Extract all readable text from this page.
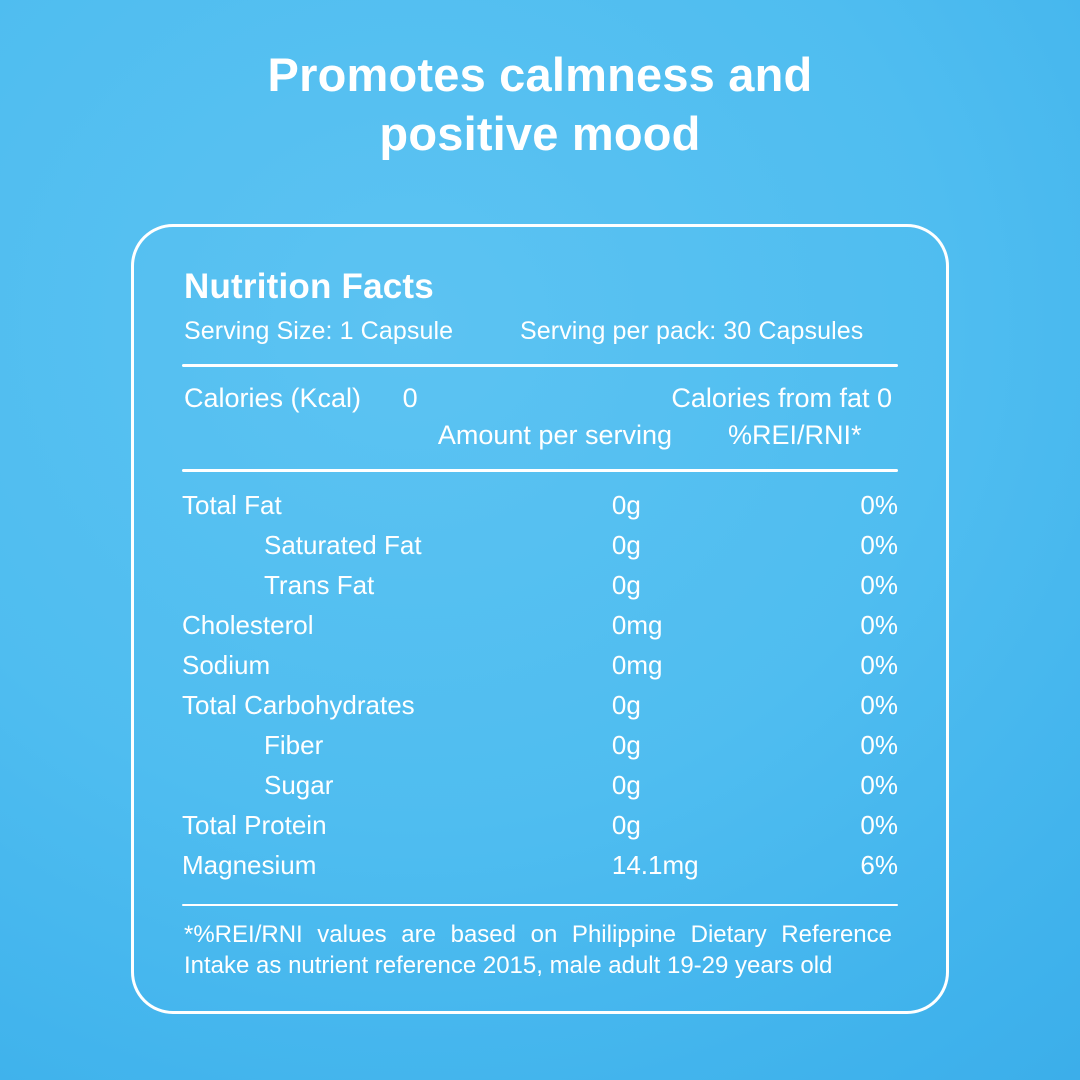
Promotes calmness and
positive mood
Nutrition Facts
Serving Size: 1 Capsule	Serving per pack: 30 Capsules
Calories (Kcal) 0	Calories from fat 0
Amount per serving %REI/RNI*
Total Fat	0g	0%
Saturated Fat	0g	0%
Trans Fat	0g	0%
Cholesterol	0mg	0%
Sodium	0mg	0%
Total Carbohydrates	0g	0%
Fiber	0g	0%
Sugar	0g	0%
Total Protein	0g	0%
Magnesium	14.1mg	6%
*%REI/RNI values are based on Philippine Dietary Reference Intake as nutrient reference 2015, male adult 19-29 years old
